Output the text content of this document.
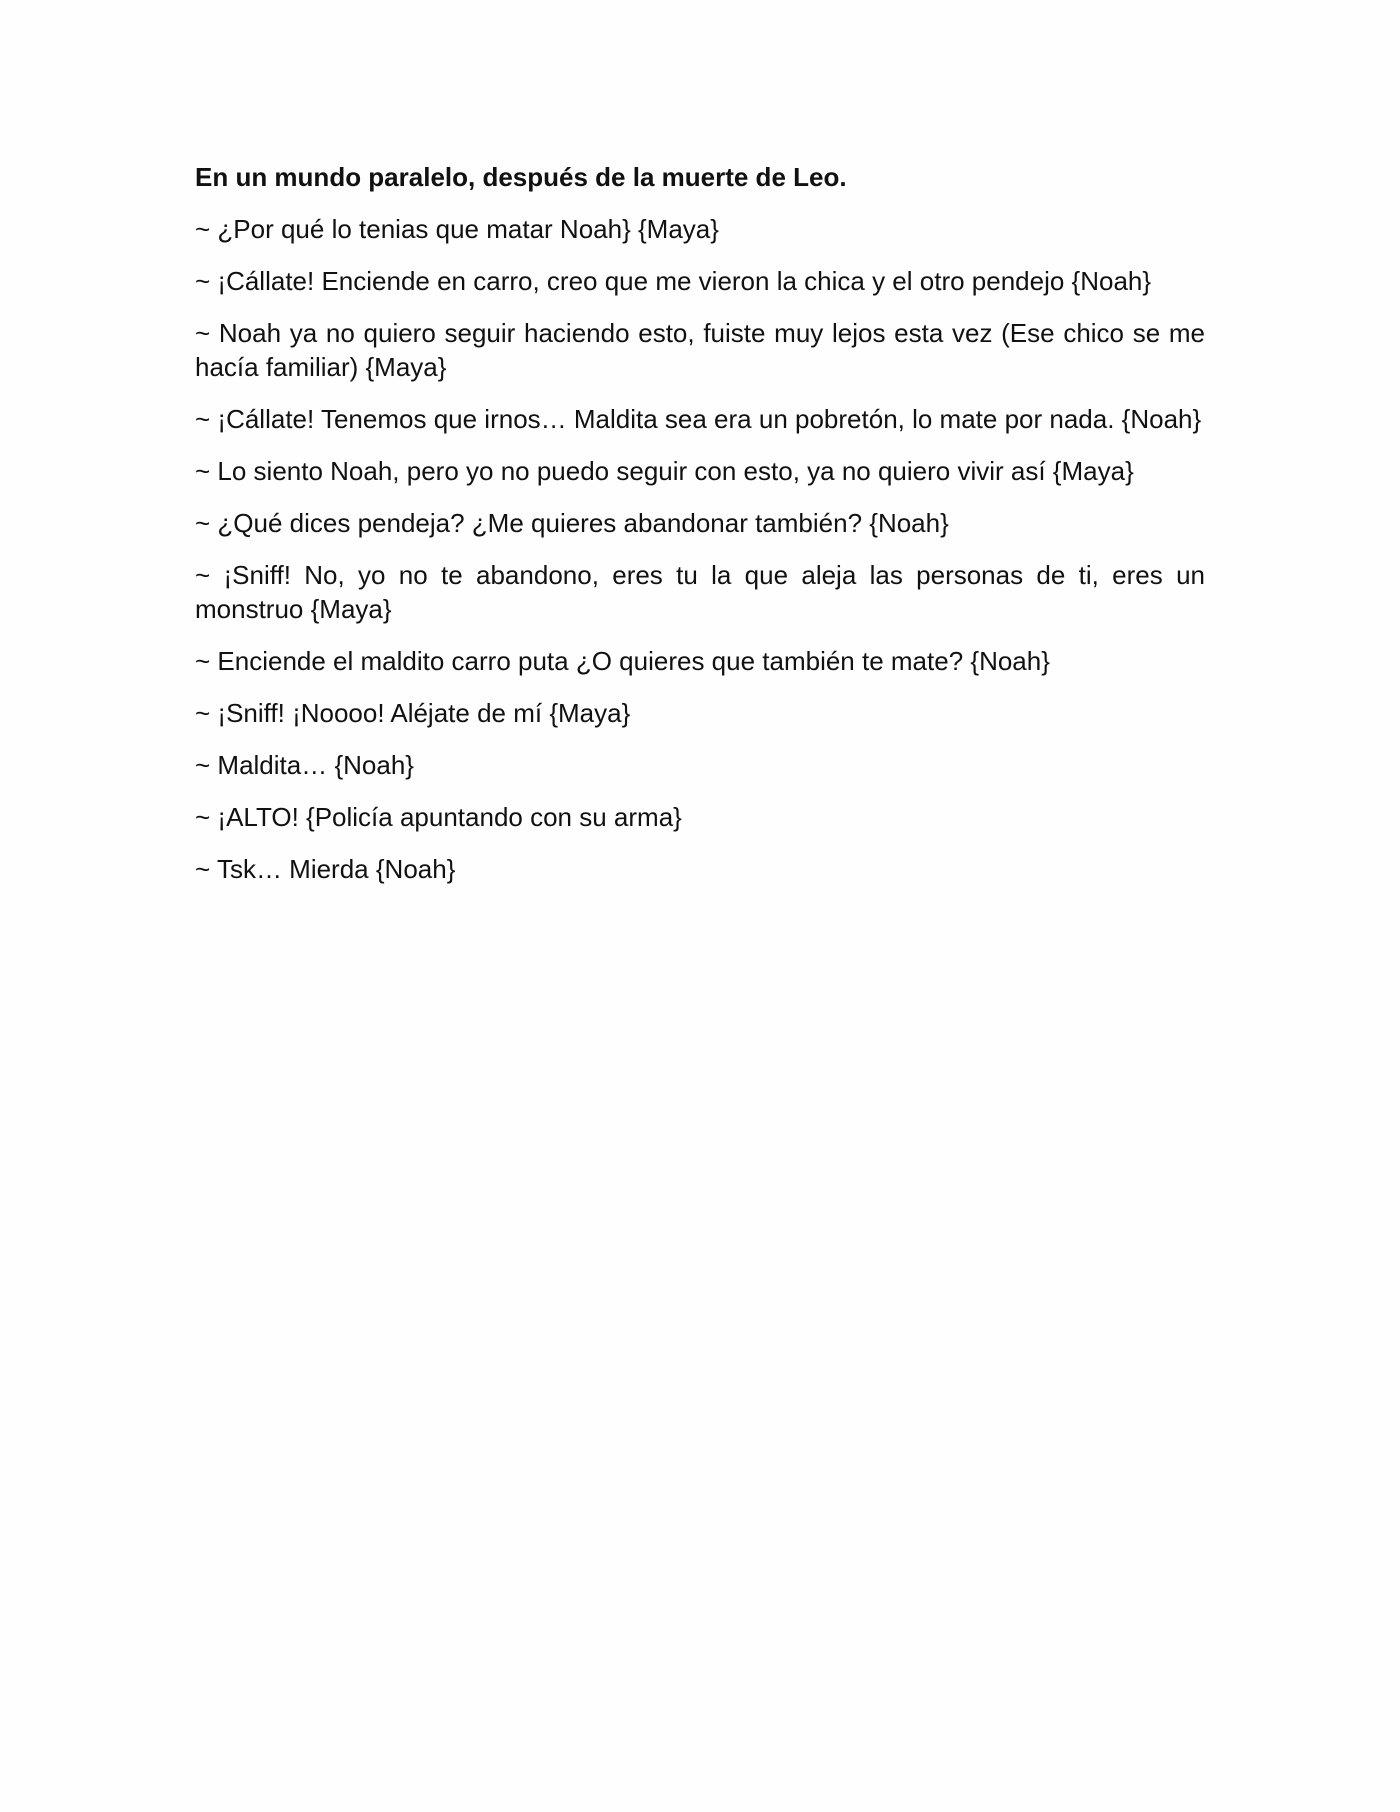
En un mundo paralelo, después de la muerte de Leo.

~ ¿Por qué lo tenias que matar Noah} {Maya}

~ ¡Cállate! Enciende en carro, creo que me vieron la chica y el otro pendejo {Noah}

~ Noah ya no quiero seguir haciendo esto, fuiste muy lejos esta vez (Ese chico se me hacía familiar) {Maya}

~ ¡Cállate! Tenemos que irnos… Maldita sea era un pobretón, lo mate por nada. {Noah}

~ Lo siento Noah, pero yo no puedo seguir con esto, ya no quiero vivir así {Maya}

~ ¿Qué dices pendeja? ¿Me quieres abandonar también? {Noah}

~ ¡Sniff! No, yo no te abandono, eres tu la que aleja las personas de ti, eres un monstruo {Maya}

~ Enciende el maldito carro puta ¿O quieres que también te mate? {Noah}

~ ¡Sniff! ¡Noooo! Aléjate de mí {Maya}

~ Maldita… {Noah}

~ ¡ALTO! {Policía apuntando con su arma}

~ Tsk… Mierda {Noah}
